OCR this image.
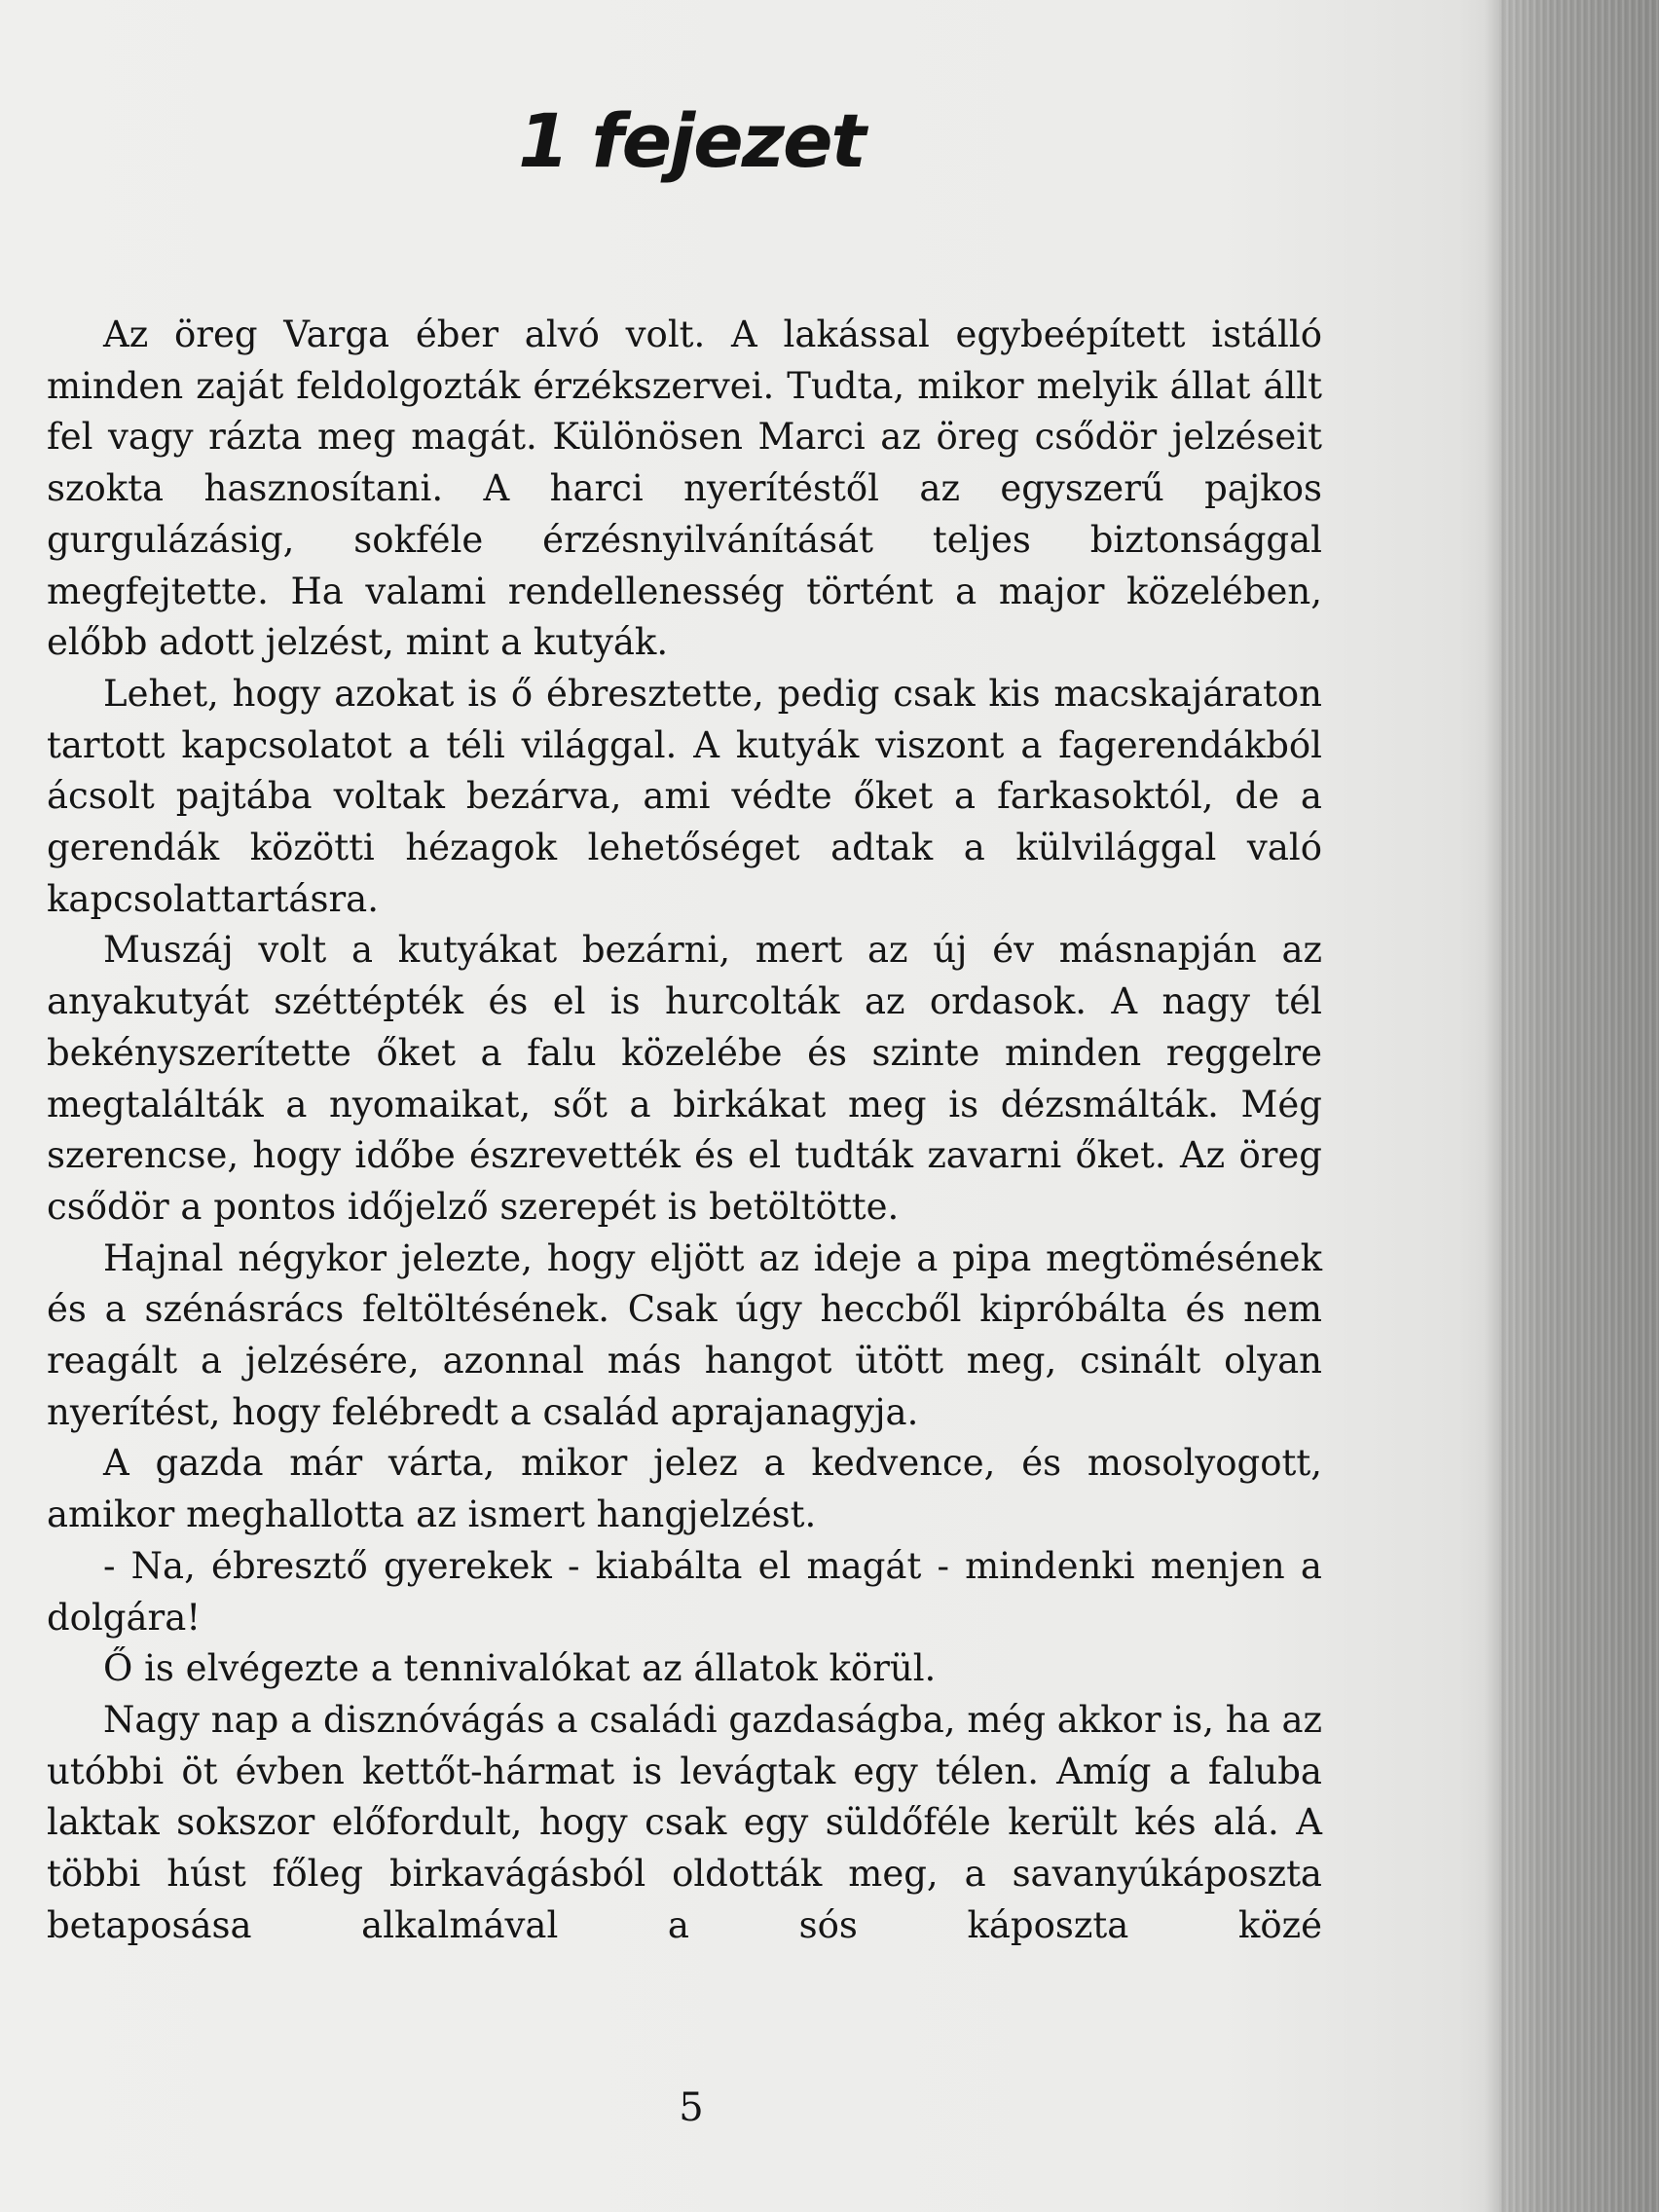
1 fejezet

Az öreg Varga éber alvó volt. A lakással egybeépített istálló minden zaját feldolgozták érzékszervei. Tudta, mikor melyik állat állt fel vagy rázta meg magát. Különösen Marci az öreg csődör jelzéseit szokta hasznosítani. A harci nyerítéstől az egyszerű pajkos gurgulázásig, sokféle érzésnyilvánítását teljes biztonsággal megfejtette. Ha valami rendellenesség történt a major közelében, előbb adott jelzést, mint a kutyák.

Lehet, hogy azokat is ő ébresztette, pedig csak kis macskajáraton tartott kapcsolatot a téli világgal. A kutyák viszont a fagerendákból ácsolt pajtába voltak bezárva, ami védte őket a farkasoktól, de a gerendák közötti hézagok lehetőséget adtak a külvilággal való kapcsolattartásra.

Muszáj volt a kutyákat bezárni, mert az új év másnapján az anyakutyát széttépték és el is hurcolták az ordasok. A nagy tél bekényszerítette őket a falu közelébe és szinte minden reggelre megtalálták a nyomaikat, sőt a birkákat meg is dézsmálták. Még szerencse, hogy időbe észrevették és el tudták zavarni őket. Az öreg csődör a pontos időjelző szerepét is betöltötte.

Hajnal négykor jelezte, hogy eljött az ideje a pipa megtömésének és a szénásrács feltöltésének. Csak úgy heccből kipróbálta és nem reagált a jelzésére, azonnal más hangot ütött meg, csinált olyan nyerítést, hogy felébredt a család aprajanagyja.

A gazda már várta, mikor jelez a kedvence, és mosolyogott, amikor meghallotta az ismert hangjelzést.

- Na, ébresztő gyerekek - kiabálta el magát - mindenki menjen a dolgára!

Ő is elvégezte a tennivalókat az állatok körül.

Nagy nap a disznóvágás a családi gazdaságba, még akkor is, ha az utóbbi öt évben kettőt-hármat is levágtak egy télen. Amíg a faluba laktak sokszor előfordult, hogy csak egy süldőféle került kés alá. A többi húst főleg birkavágásból oldották meg, a savanyúkáposzta betaposása alkalmával a sós káposzta közé

5
